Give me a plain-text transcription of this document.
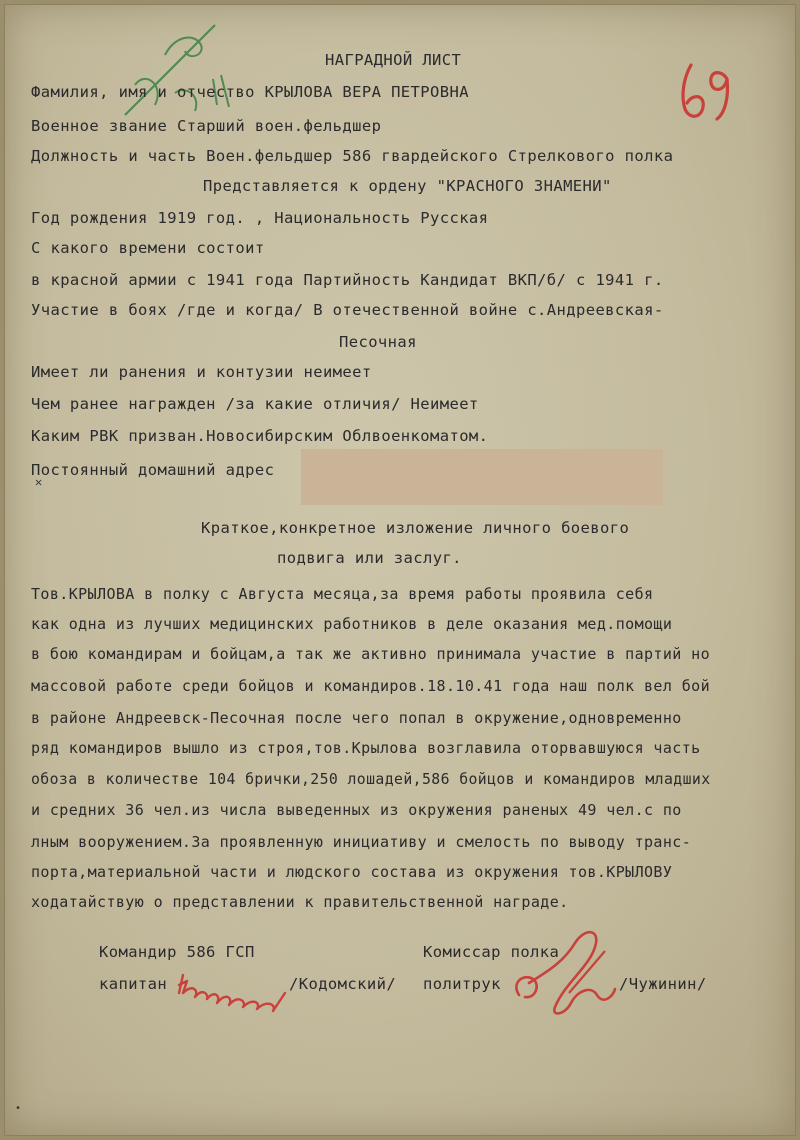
НАГРАДНОЙ ЛИСТ
Фамилия, имя и отчество КРЫЛОВА ВЕРА ПЕТРОВНА
Военное звание Старший воен.фельдшер
Должность и часть Воен.фельдшер 586 гвардейского Стрелкового полка
Представляется к ордену "КРАСНОГО ЗНАМЕНИ"
Год рождения 1919 год. , Национальность Русская
С какого времени состоит
в красной армии с 1941 года Партийность Кандидат ВКП/б/ с 1941 г.
Участие в боях /где и когда/ В отечественной войне с.Андреевская-
Песочная
Имеет ли ранения и контузии неимеет
Чем ранее награжден /за какие отличия/ Неимеет
Каким РВК призван.Новосибирским Облвоенкоматом.
Постоянный домашний адрес
Краткое,конкретное изложение личного боевого
подвига или заслуг.
Тов.КРЫЛОВА в полку с Августа месяца,за время работы проявила себя
как одна из лучших медицинских работников в деле оказания мед.помощи
в бою командирам и бойцам,а так же активно принимала участие в партий но
массовой работе среди бойцов и командиров.18.10.41 года наш полк вел бой
в районе Андреевск-Песочная после чего попал в окружение,одновременно
ряд командиров вышло из строя,тов.Крылова возглавила оторвавшуюся часть
обоза в количестве 104 брички,250 лошадей,586 бойцов и командиров младших
и средних 36 чел.из числа выведенных из окружения раненых 49 чел.с по
лным вооружением.За проявленную инициативу и смелость по выводу транс-
порта,материальной части и людского состава из окружения тов.КРЫЛОВУ
ходатайствую о представлении к правительственной награде.
Командир 586 ГСП
капитан	/Кодомский/
Комиссар полка
политрук	/Чужинин/
✕
•
